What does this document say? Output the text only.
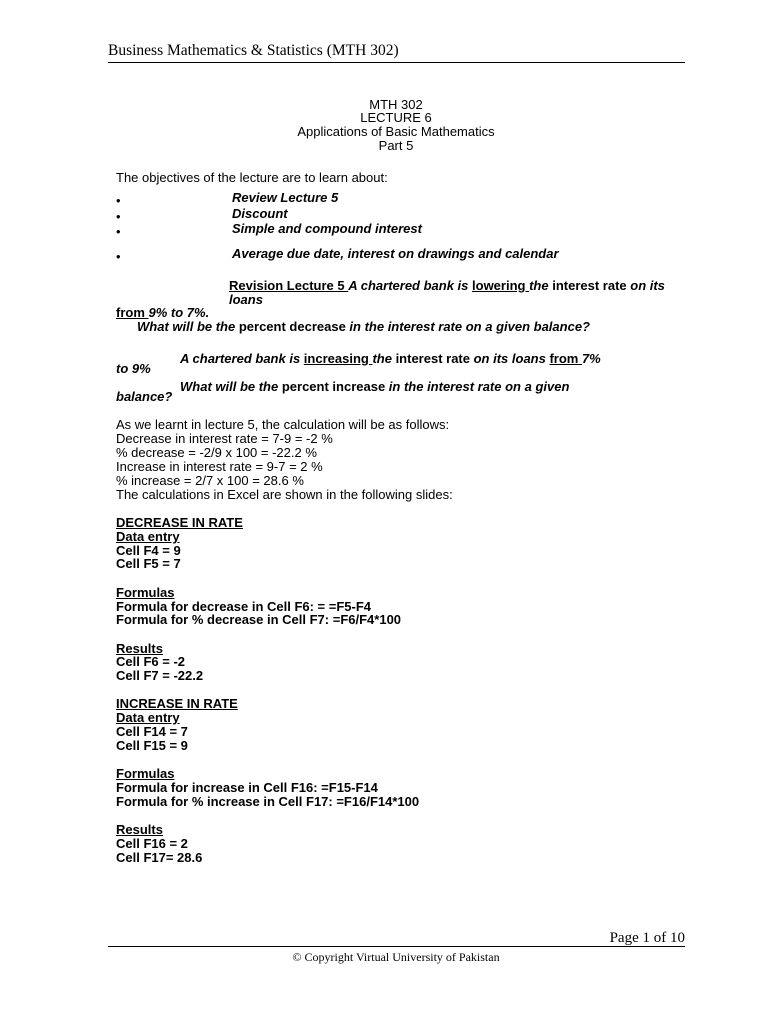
Business Mathematics & Statistics (MTH 302)
MTH 302
LECTURE 6
Applications of Basic Mathematics
Part 5
The objectives of the lecture are to learn about:
•	Review Lecture 5
•	Discount
•	Simple and compound interest
•	Average due date, interest on drawings and calendar
Revision Lecture 5 A chartered bank is lowering the interest rate on its
loans
from 9% to 7%.
What will be the percent decrease in the interest rate on a given balance?
A chartered bank is increasing the interest rate on its loans from 7%
to 9%
What will be the percent increase in the interest rate on a given
balance?
As we learnt in lecture 5, the calculation will be as follows:
Decrease in interest rate = 7-9 = -2 %
% decrease = -2/9 x 100 = -22.2 %
Increase in interest rate = 9-7 = 2 %
% increase = 2/7 x 100 = 28.6 %
The calculations in Excel are shown in the following slides:
DECREASE IN RATE
Data entry
Cell F4 = 9
Cell F5 = 7
Formulas
Formula for decrease in Cell F6: = =F5-F4
Formula for % decrease in Cell F7: =F6/F4*100
Results
Cell F6 = -2
Cell F7 = -22.2
INCREASE IN RATE
Data entry
Cell F14 = 7
Cell F15 = 9
Formulas
Formula for increase in Cell F16: =F15-F14
Formula for % increase in Cell F17: =F16/F14*100
Results
Cell F16 = 2
Cell F17= 28.6
Page 1 of 10
© Copyright Virtual University of Pakistan
